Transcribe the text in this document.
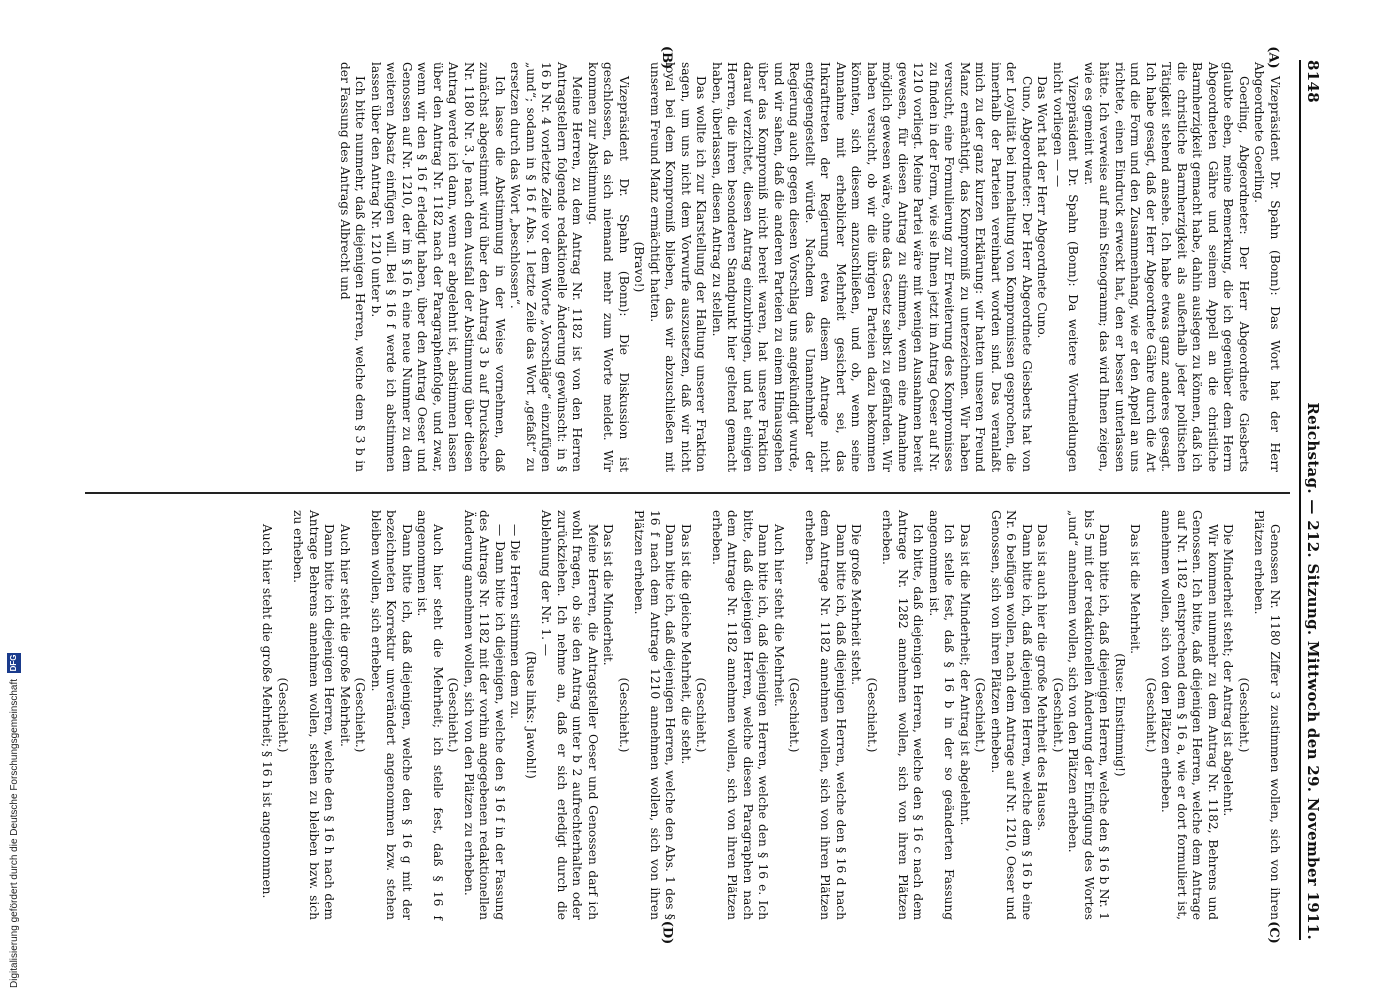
8148
Reichstag. — 212. Sitzung. Mittwoch den 29. November 1911.

Vizepräsident Dr. Spahn (Bonn): Das Wort hat der Herr Abgeordnete Goerling.

Goerling, Abgeordneter: Der Herr Abgeordnete Giesberts glaubte eben, meine Bemerkung, die ich gegenüber dem Herrn Abgeordneten Gähre und seinem Appell an die christliche Barmherzigkeit gemacht habe, dahin auslegen zu können, daß ich die christliche Barmherzigkeit als außerhalb jeder politischen Tätigkeit stehend ansehe. Ich habe etwas ganz anderes gesagt. Ich habe gesagt, daß der Herr Abgeordnete Gähre durch die Art und die Form und den Zusammenhang, wie er den Appell an uns richtete, einen Eindruck erweckt hat, den er besser unterlassen hätte. Ich verweise auf mein Stenogramm; das wird Ihnen zeigen, wie es gemeint war.

Vizepräsident Dr. Spahn (Bonn): Da weitere Wortmeldungen nicht vorliegen — —

Das Wort hat der Herr Abgeordnete Cuno.

Cuno, Abgeordneter: Der Herr Abgeordnete Giesberts hat von der Loyalität bei Innehaltung von Kompromissen gesprochen, die innerhalb der Parteien vereinbart worden sind. Das veranlaßt mich zu der ganz kurzen Erklärung: wir hatten unseren Freund Manz ermächtigt, das Kompromiß zu unterzeichnen. Wir haben versucht, eine Formulierung zur Erweiterung des Kompromisses zu finden in der Form, wie sie Ihnen jetzt im Antrag Oeser auf Nr. 1210 vorliegt. Meine Partei wäre mit wenigen Ausnahmen bereit gewesen, für diesen Antrag zu stimmen, wenn eine Annahme möglich gewesen wäre, ohne das Gesetz selbst zu gefährden. Wir haben versucht, ob wir die übrigen Parteien dazu bekommen könnten, sich diesem anzuschließen, und ob, wenn seine Annahme mit erheblicher Mehrheit gesichert sei, das Inkrafttreten der Regierung etwa diesem Antrage nicht entgegengestellt würde. Nachdem das Unannehmbar der Regierung auch gegen diesen Vorschlag uns angekündigt wurde, und wir sahen, daß die anderen Parteien zu einem Hinausgehen über das Kompromiß nicht bereit waren, hat unsere Fraktion darauf verzichtet, diesen Antrag einzubringen, und hat einigen Herren, die ihren besonderen Standpunkt hier geltend gemacht haben, überlassen, diesen Antrag zu stellen.

Das wollte ich zur Klarstellung der Haltung unserer Fraktion sagen, um uns nicht dem Vorwurfe auszusetzen, daß wir nicht loyal bei dem Kompromiß blieben, das wir abzuschließen mit unserem Freund Manz ermächtigt hatten.

(Bravo!)

Vizepräsident Dr. Spahn (Bonn): Die Diskussion ist geschlossen, da sich niemand mehr zum Worte meldet. Wir kommen zur Abstimmung.

Meine Herren, zu dem Antrag Nr. 1182 ist von den Herren Antragstellern folgende redaktionelle Änderung gewünscht: in § 16 b Nr. 4 vorletzte Zeile vor dem Worte „Vorschläge“ einzufügen „und“; sodann in § 16 f Abs. 1 letzte Zeile das Wort „gefaßt“ zu ersetzen durch das Wort „beschlossen“.

Ich lasse die Abstimmung in der Weise vornehmen, daß zunächst abgestimmt wird über den Antrag 3 b auf Drucksache Nr. 1180 Nr. 3. Je nach dem Ausfall der Abstimmung über diesen Antrag werde ich dann, wenn er abgelehnt ist, abstimmen lassen über den Antrag Nr. 1182 nach der Paragraphenfolge, und zwar, wenn wir den § 16 f erledigt haben, über den Antrag Oeser und Genossen auf Nr. 1210, der im § 16 h eine neue Nummer zu dem weiteren Absatz einfügen will. Bei § 16 f werde ich abstimmen lassen über den Antrag Nr. 1210 unter b.

Ich bitte nunmehr, daß diejenigen Herren, welche dem § 3 b in der Fassung des Antrags Albrecht und

Genossen Nr. 1180 Ziffer 3 zustimmen wollen, sich von ihren Plätzen erheben.

(Geschieht.)

Die Minderheit steht; der Antrag ist abgelehnt.

Wir kommen nunmehr zu dem Antrag Nr. 1182, Behrens und Genossen. Ich bitte, daß diejenigen Herren, welche dem Antrage auf Nr. 1182 entsprechend dem § 16 a, wie er dort formuliert ist, annehmen wollen, sich von den Plätzen erheben.

(Geschieht.)

Das ist die Mehrheit.

(Ruse: Einstimmig!)

Dann bitte ich, daß diejenigen Herren, welche den § 16 b Nr. 1 bis 5 mit der redaktionellen Änderung der Einfügung des Wortes „und“ annehmen wollen, sich von den Plätzen erheben.

(Geschieht.)

Das ist auch hier die große Mehrheit des Hauses.

Dann bitte ich, daß diejenigen Herren, welche dem § 16 b eine Nr. 6 beifügen wollen, nach dem Antrage auf Nr. 1210, Oeser und Genossen, sich von ihren Plätzen erheben.

(Geschieht.)

Das ist die Minderheit; der Antrag ist abgelehnt.

Ich stelle fest, daß § 16 b in der so geänderten Fassung angenommen ist.

Ich bitte, daß diejenigen Herren, welche den § 16 c nach dem Antrage Nr. 1282 annehmen wollen, sich von ihren Plätzen erheben.

(Geschieht.)

Die große Mehrheit steht.

Dann bitte ich, daß diejenigen Herren, welche den § 16 d nach dem Antrage Nr. 1182 annehmen wollen, sich von ihren Plätzen erheben.

(Geschieht.)

Auch hier steht die Mehrheit.

Dann bitte ich, daß diejenigen Herren, welche den § 16 e. Ich bitte, daß diejenigen Herren, welche diesen Paragraphen nach dem Antrage Nr. 1182 annehmen wollen, sich von ihren Plätzen erheben.

(Geschieht.)

Das ist die gleiche Mehrheit, die steht.

Dann bitte ich, daß diejenigen Herren, welche den Abs. 1 des § 16 f nach dem Antrage 1210 annehmen wollen, sich von ihren Plätzen erheben.

(Geschieht.)

Das ist die Minderheit.

Meine Herren, die Antragsteller Oeser und Genossen darf ich wohl fragen, ob sie den Antrag unter b 2 aufrechterhalten oder zurückziehen. Ich nehme an, daß er sich erledigt durch die Ablehnung der Nr. 1. —

(Ruse links: Jawohl!)

— Die Herren stimmen dem zu.

— Dann bitte ich diejenigen, welche den § 16 f in der Fassung des Antrags Nr. 1182 mit der vorhin angegebenen redaktionellen Änderung annehmen wollen, sich von den Plätzen zu erheben.

(Geschieht.)

Auch hier steht die Mehrheit; ich stelle fest, daß § 16 f angenommen ist.

Dann bitte ich, daß diejenigen, welche den § 16 g mit der bezeichneten Korrektur unverändert angenommen bzw. stehen bleiben wollen, sich erheben.

(Geschieht.)

Auch hier steht die große Mehrheit.

Dann bitte ich diejenigen Herren, welche den § 16 h nach dem Antrage Behrens annehmen wollen, stehen zu bleiben bzw. sich zu erheben.

(Geschieht.)

Auch hier steht die große Mehrheit; § 16 h ist angenommen.

(A)
(B)
(C)
(D)
Digitalisierung gefördert durch die Deutsche Forschungsgemeinschaft
DFG
